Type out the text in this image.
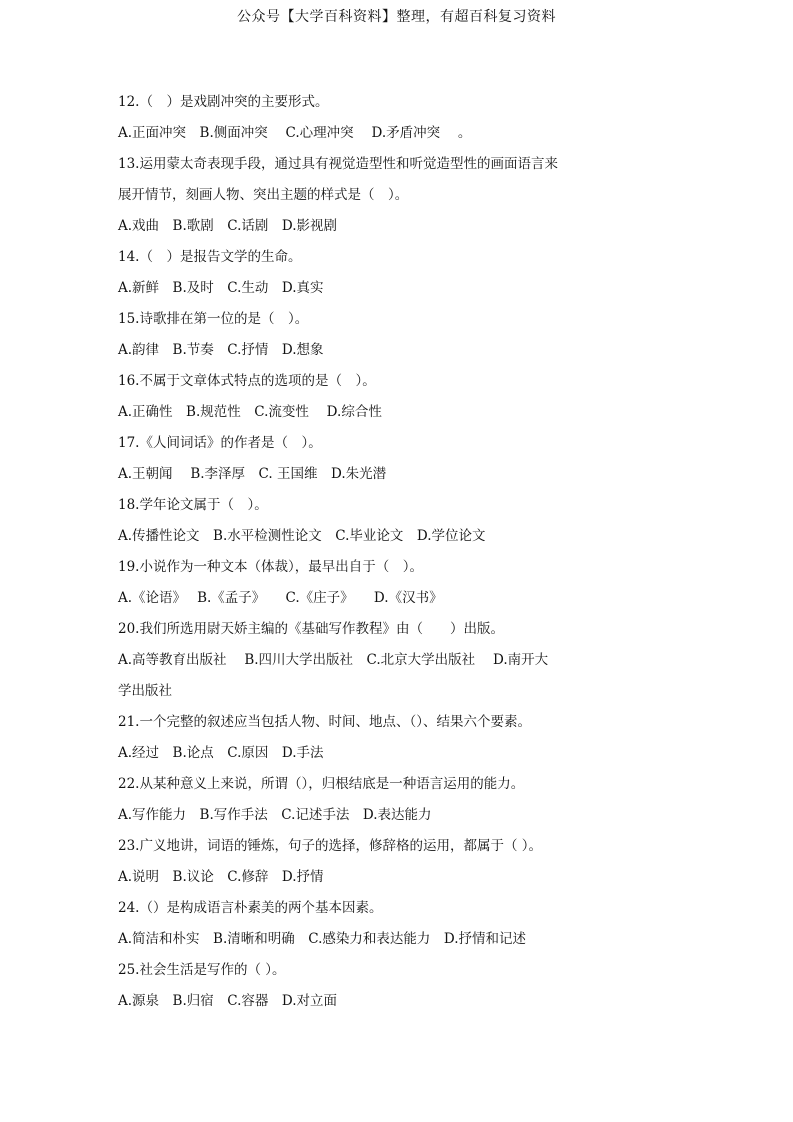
公众号【大学百科资料】整理，有超百科复习资料
12.（　）是戏剧冲突的主要形式。
A.正面冲突　B.侧面冲突　 C.心理冲突　 D.矛盾冲突　 。
13.运用蒙太奇表现手段，通过具有视觉造型性和听觉造型性的画面语言来
展开情节，刻画人物、突出主题的样式是（　）。
A.戏曲　B.歌剧　C.话剧　D.影视剧
14.（　）是报告文学的生命。
A.新鲜　B.及时　C.生动　D.真实
15.诗歌排在第一位的是（　）。
A.韵律　B.节奏　C.抒情　D.想象
16.不属于文章体式特点的选项的是（　）。
A.正确性　B.规范性　C.流变性　 D.综合性
17.《人间词话》的作者是（　）。
A.王朝闻　 B.李泽厚　C. 王国维　D.朱光潜
18.学年论文属于（　）。
A.传播性论文　B.水平检测性论文　C.毕业论文　D.学位论文
19.小说作为一种文本（体裁），最早出自于（　）。
A.《论语》　 B.《孟子》　　C.《庄子》　　D.《汉书》
20.我们所选用尉天娇主编的《基础写作教程》由（　　）出版。
A.高等教育出版社　 B.四川大学出版社　C.北京大学出版社　 D.南开大
学出版社
21.一个完整的叙述应当包括人物、时间、地点、（）、结果六个要素。
A.经过　B.论点　C.原因　D.手法
22.从某种意义上来说，所谓（），归根结底是一种语言运用的能力。
A.写作能力　B.写作手法　C.记述手法　D.表达能力
23.广义地讲，词语的锤炼，句子的选择，修辞格的运用，都属于（ ）。
A.说明　B.议论　C.修辞　D.抒情
24.（）是构成语言朴素美的两个基本因素。
A.简洁和朴实　B.清晰和明确　C.感染力和表达能力　D.抒情和记述
25.社会生活是写作的（ ）。
A.源泉　B.归宿　C.容器　D.对立面
